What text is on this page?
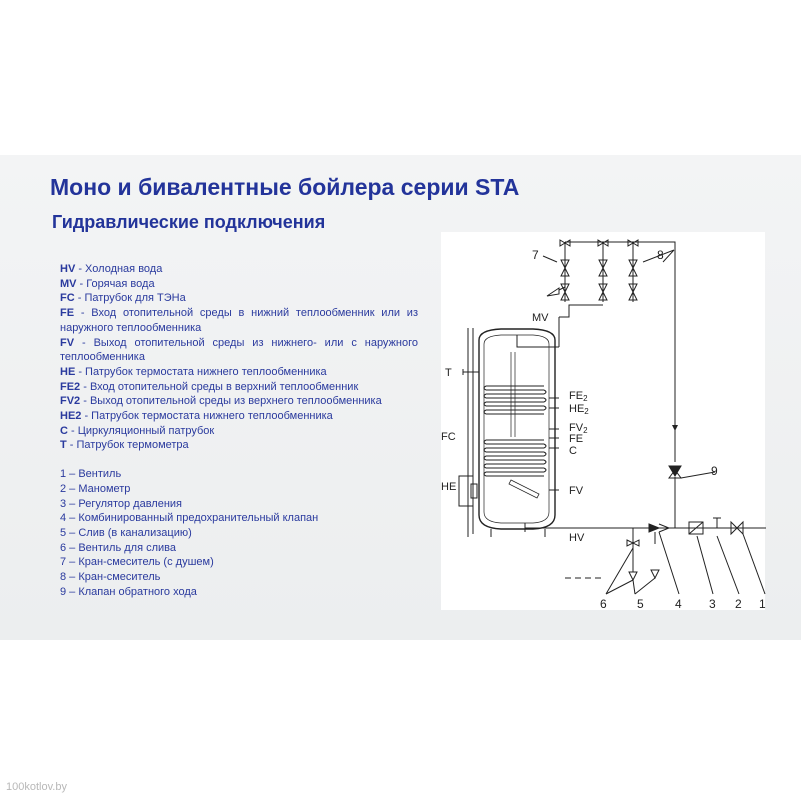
Моно и бивалентные бойлера серии STA
Гидравлические подключения
HV - Холодная вода
MV - Горячая вода
FC - Патрубок для ТЭНа
FE - Вход отопительной среды в нижний теплообменник или из наружного теплообменника
FV - Выход отопительной среды из нижнего- или с наружного теплообменника
HE - Патрубок термостата нижнего теплообменника
FE2 - Вход отопительной среды в верхний теплообменник
FV2 - Выход отопительной среды из верхнего теплообменника
HE2 - Патрубок термостата нижнего теплообменника
C - Циркуляционный патрубок
T - Патрубок термометра
1 – Вентиль
2 – Манометр
3 – Регулятор давления
4 – Комбинированный предохранительный клапан
5 – Слив (в канализацию)
6 – Вентиль для слива
7 – Кран-смеситель (с душем)
8 – Кран-смеситель
9 – Клапан обратного хода
MV
T
FC
HE
FE2
HE2
FV2
FE
C
FV
HV
7	8
9
6	5	4 3 2 1
100kotlov.by
